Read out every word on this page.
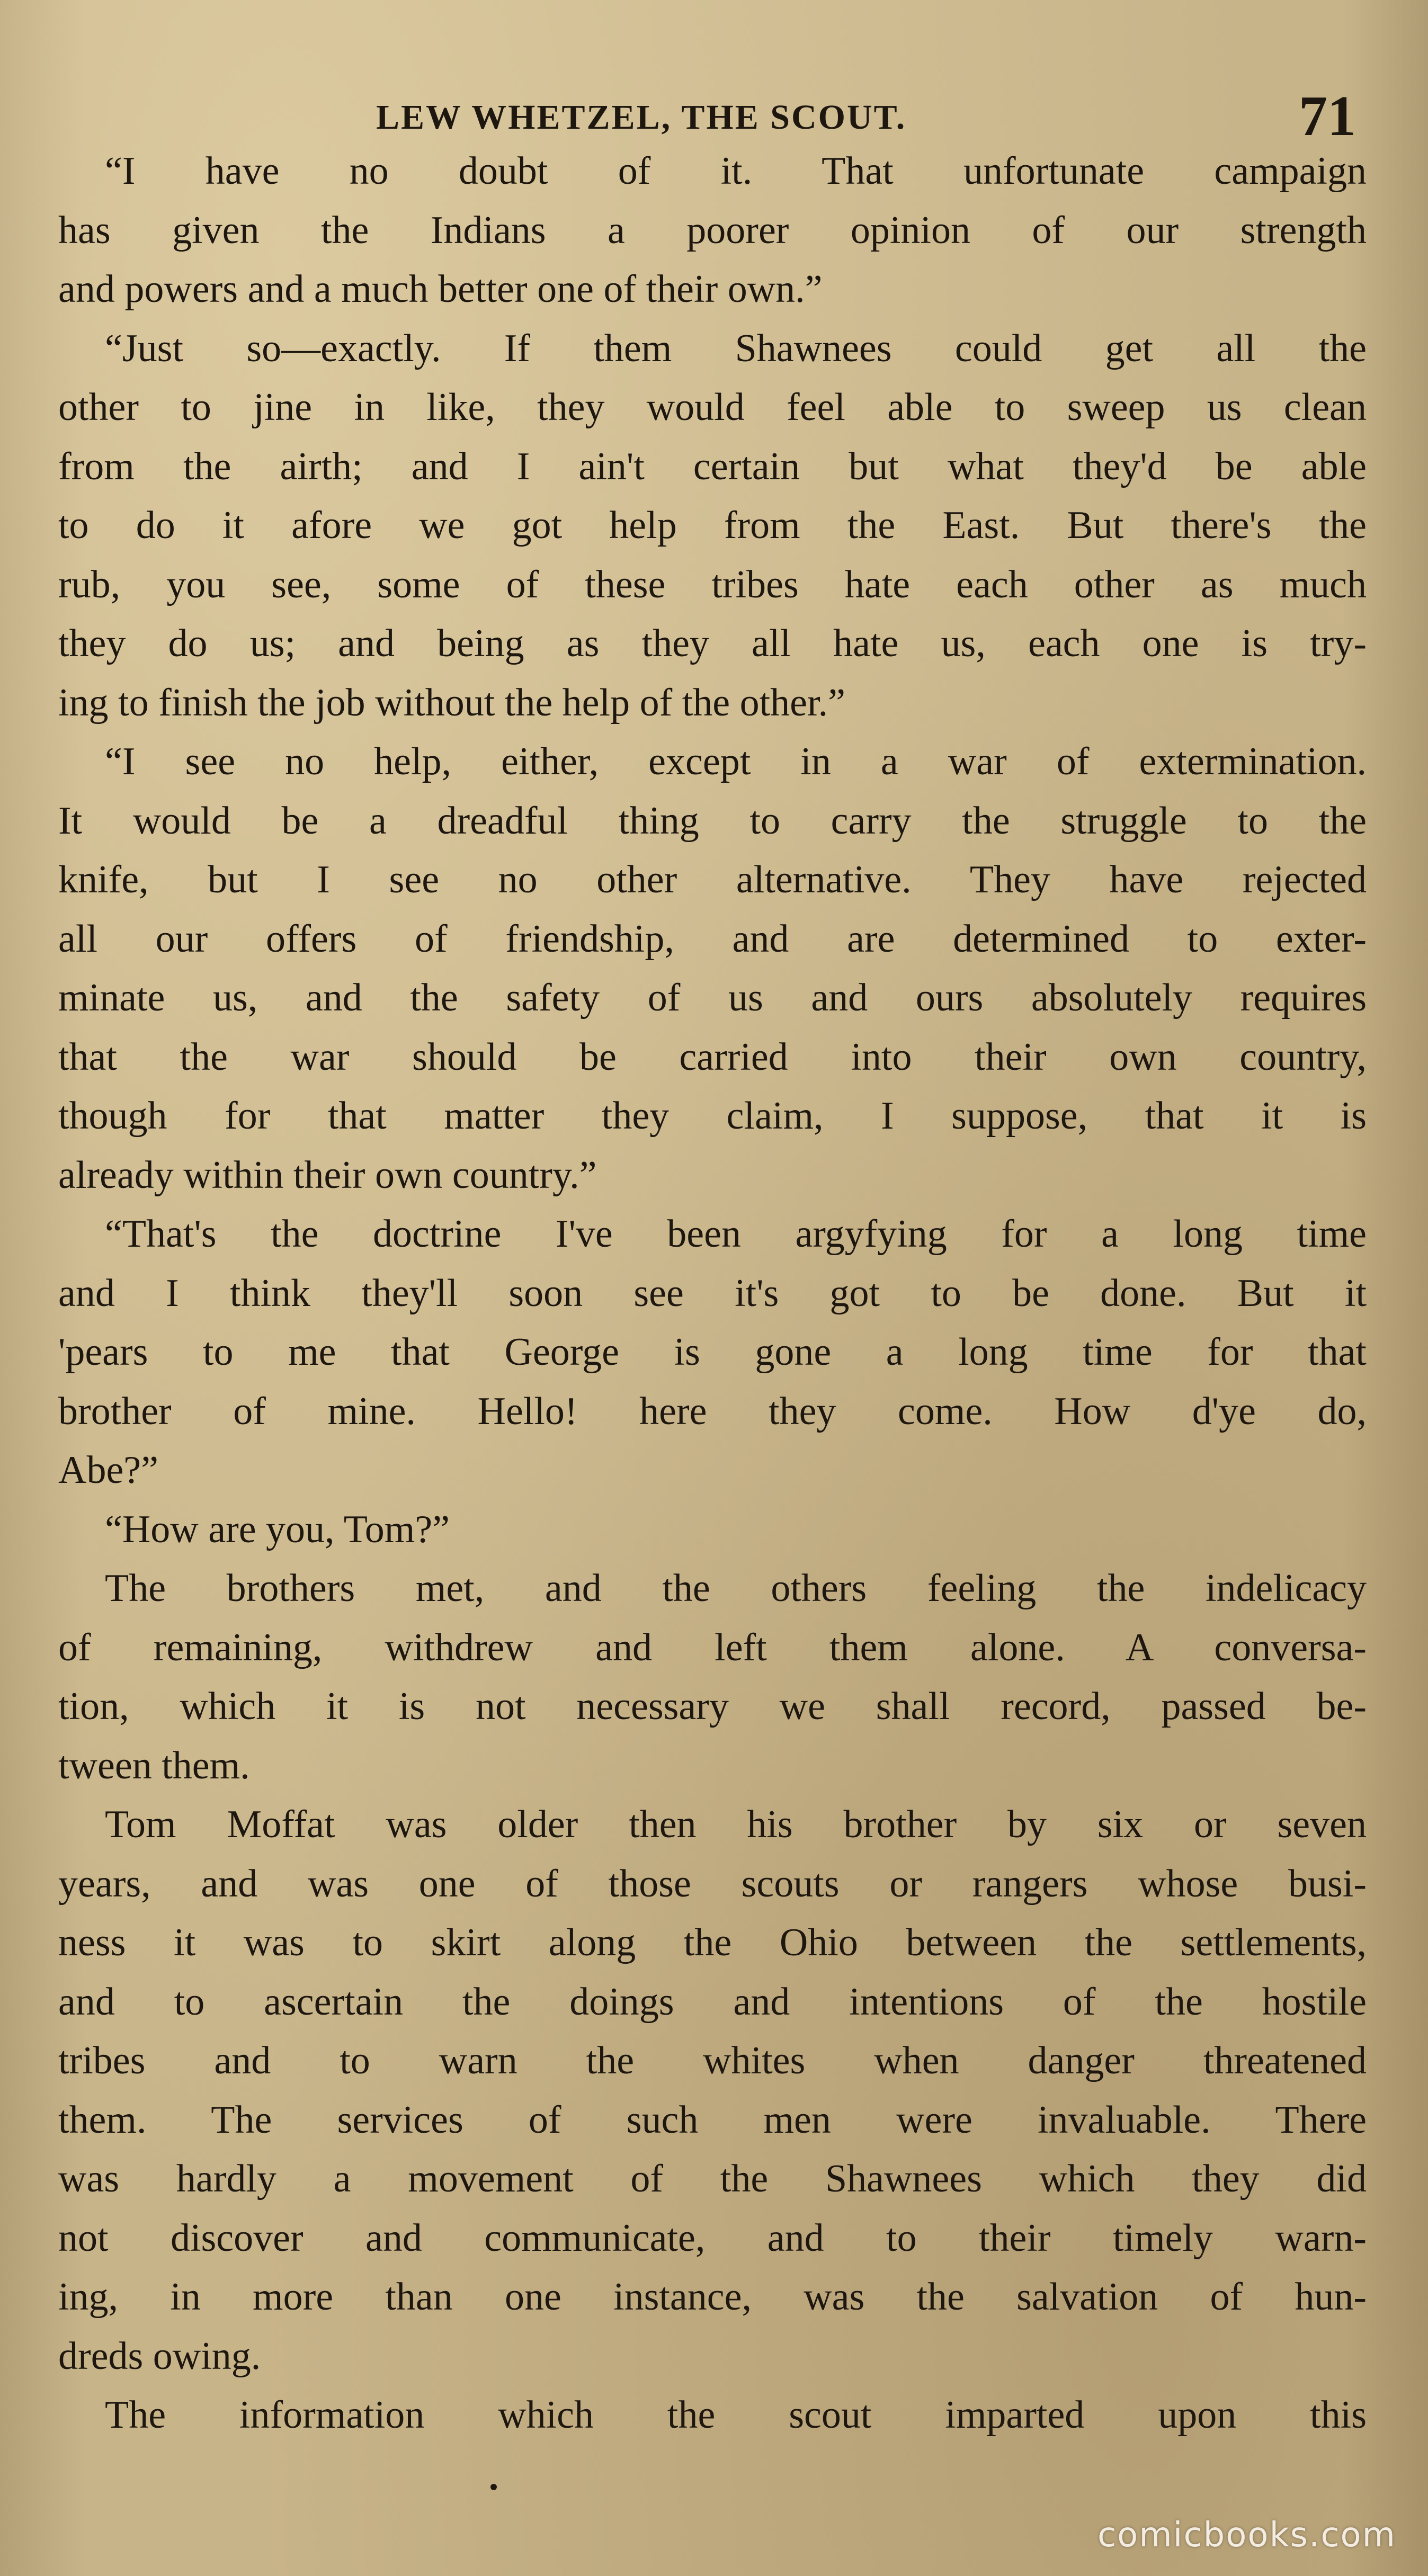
LEW WHETZEL, THE SCOUT.	71
“I have no doubt of it. That unfortunate campaign
has given the Indians a poorer opinion of our strength
and powers and a much better one of their own.”
“Just so—exactly. If them Shawnees could get all the
other to jine in like, they would feel able to sweep us clean
from the airth; and I ain't certain but what they'd be able
to do it afore we got help from the East. But there's the
rub, you see, some of these tribes hate each other as much
they do us; and being as they all hate us, each one is try-
ing to finish the job without the help of the other.”
“I see no help, either, except in a war of extermination.
It would be a dreadful thing to carry the struggle to the
knife, but I see no other alternative. They have rejected
all our offers of friendship, and are determined to exter-
minate us, and the safety of us and ours absolutely requires
that the war should be carried into their own country,
though for that matter they claim, I suppose, that it is
already within their own country.”
“That's the doctrine I've been argyfying for a long time
and I think they'll soon see it's got to be done. But it
'pears to me that George is gone a long time for that
brother of mine. Hello! here they come. How d'ye do,
Abe?”
“How are you, Tom?”
The brothers met, and the others feeling the indelicacy
of remaining, withdrew and left them alone. A conversa-
tion, which it is not necessary we shall record, passed be-
tween them.
Tom Moffat was older then his brother by six or seven
years, and was one of those scouts or rangers whose busi-
ness it was to skirt along the Ohio between the settlements,
and to ascertain the doings and intentions of the hostile
tribes and to warn the whites when danger threatened
them. The services of such men were invaluable. There
was hardly a movement of the Shawnees which they did
not discover and communicate, and to their timely warn-
ing, in more than one instance, was the salvation of hun-
dreds owing.
The information which the scout imparted upon this
comicbooks.com
